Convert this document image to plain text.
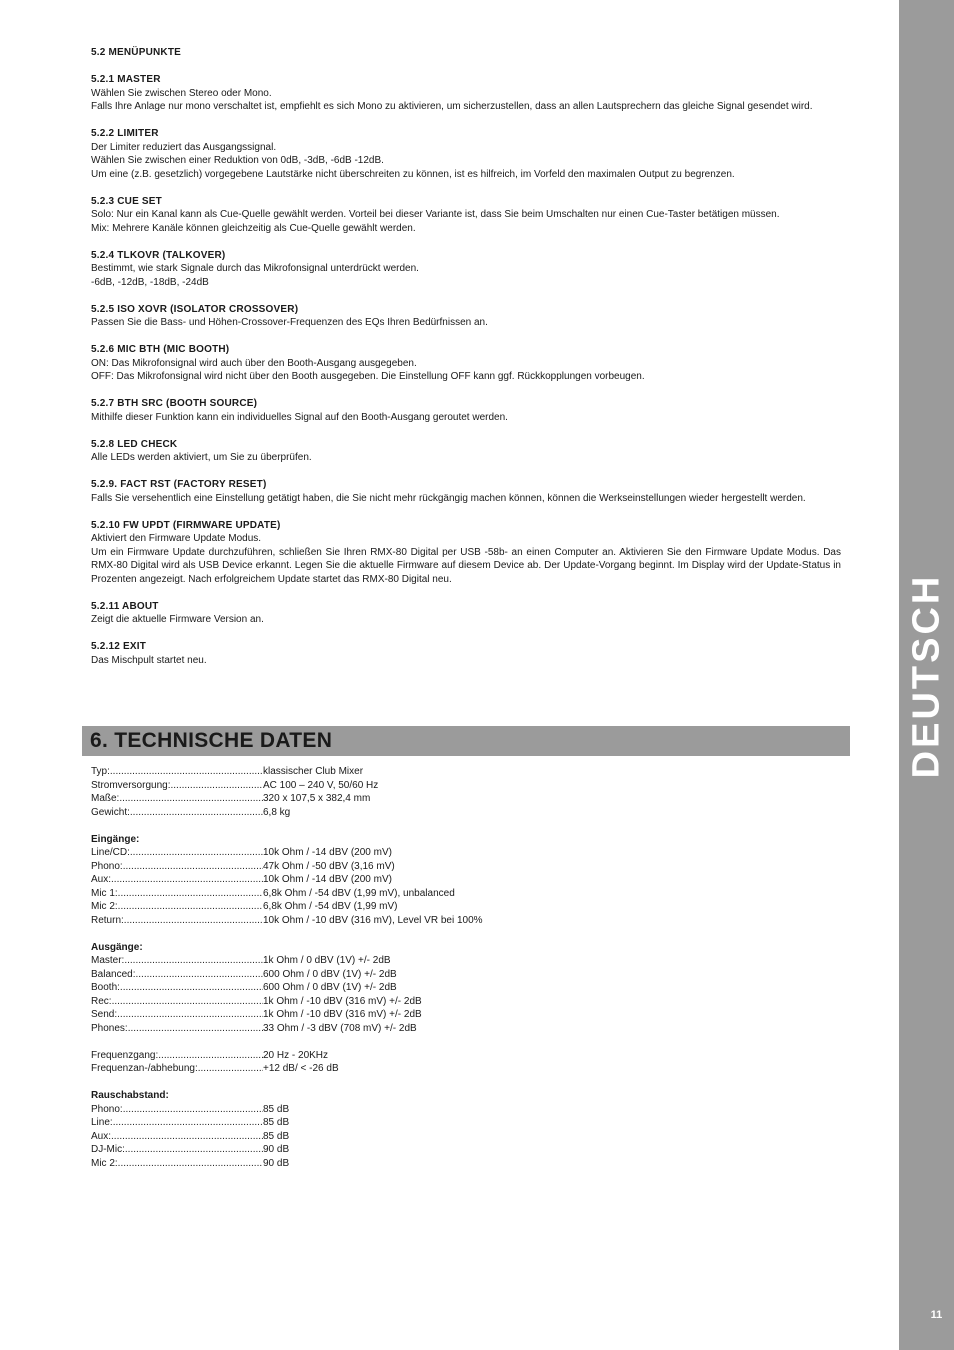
5.2 MENÜPUNKTE
5.2.1 MASTER

Wählen Sie zwischen Stereo oder Mono.

Falls Ihre Anlage nur mono verschaltet ist, empfiehlt es sich Mono zu aktivieren, um sicherzustellen, dass an allen Lautsprechern das gleiche Signal gesendet wird.

5.2.2 LIMITER

Der Limiter reduziert das Ausgangssignal.

Wählen Sie zwischen einer Reduktion von 0dB, -3dB, -6dB -12dB.

Um eine (z.B. gesetzlich) vorgegebene Lautstärke nicht überschreiten zu können, ist es hilfreich, im Vorfeld den maximalen Output zu begrenzen.

5.2.3 CUE SET

Solo: Nur ein Kanal kann als Cue-Quelle gewählt werden. Vorteil bei dieser Variante ist, dass Sie beim Umschalten nur einen Cue-Taster betätigen müssen.

Mix: Mehrere Kanäle können gleichzeitig als Cue-Quelle gewählt werden.

5.2.4 TLKOVR (TALKOVER)

Bestimmt, wie stark Signale durch das Mikrofonsignal unterdrückt werden.

-6dB, -12dB, -18dB, -24dB

5.2.5 ISO XOVR (ISOLATOR CROSSOVER)

Passen Sie die Bass- und Höhen-Crossover-Frequenzen des EQs Ihren Bedürfnissen an.

5.2.6 MIC BTH (MIC BOOTH)

ON: Das Mikrofonsignal wird auch über den Booth-Ausgang ausgegeben.

OFF: Das Mikrofonsignal wird nicht über den Booth ausgegeben. Die Einstellung OFF kann ggf. Rückkopplungen vorbeugen.

5.2.7 BTH SRC (BOOTH SOURCE)

Mithilfe dieser Funktion kann ein individuelles Signal auf den Booth-Ausgang geroutet werden.

5.2.8 LED CHECK

Alle LEDs werden aktiviert, um Sie zu überprüfen.

5.2.9. FACT RST (FACTORY RESET)

Falls Sie versehentlich eine Einstellung getätigt haben, die Sie nicht mehr rückgängig machen können, können die Werkseinstellungen wieder hergestellt werden.

5.2.10 FW UPDT (FIRMWARE UPDATE)

Aktiviert den Firmware Update Modus.

Um ein Firmware Update durchzuführen, schließen Sie Ihren RMX-80 Digital per USB -58b- an einen Computer an. Aktivieren Sie den Firmware Update Modus. Das RMX-80 Digital wird als USB Device erkannt. Legen Sie die aktuelle Firmware auf diesem Device ab. Der Update-Vorgang beginnt. Im Display wird der Update-Status in Prozenten angezeigt. Nach erfolgreichem Update startet das RMX-80 Digital neu.

5.2.11 ABOUT

Zeigt die aktuelle Firmware Version an.

5.2.12 EXIT

Das Mischpult startet neu.

6. TECHNISCHE DATEN
Typ: .....	klassischer Club Mixer
Stromversorgung: .....	AC 100 – 240 V, 50/60 Hz
Maße: .....	320 x 107,5 x 382,4 mm
Gewicht: .....	6,8 kg
Eingänge:
Line/CD: .....	10k Ohm / -14 dBV (200 mV)
Phono: .....	47k Ohm / -50 dBV (3,16 mV)
Aux: .....	10k Ohm / -14 dBV (200 mV)
Mic 1: .....	6,8k Ohm / -54 dBV (1,99 mV), unbalanced
Mic 2: .....	6,8k Ohm / -54 dBV (1,99 mV)
Return: .....	10k Ohm / -10 dBV (316 mV), Level VR bei 100%
Ausgänge:
Master: .....	1k Ohm / 0 dBV (1V) +/- 2dB
Balanced: .....	600 Ohm / 0 dBV (1V) +/- 2dB
Booth: .....	600 Ohm / 0 dBV (1V) +/- 2dB
Rec: .....	1k Ohm / -10 dBV (316 mV) +/- 2dB
Send: .....	1k Ohm / -10 dBV (316 mV) +/- 2dB
Phones: .....	33 Ohm / -3 dBV (708 mV) +/- 2dB
Frequenzgang: .....	20 Hz - 20KHz
Frequenzan-/abhebung: .....	+12 dB/ < -26 dB
Rauschabstand:
Phono: .....	85 dB
Line: .....	85 dB
Aux: .....	85 dB
DJ-Mic: .....	90 dB
Mic 2: .....	90 dB
DEUTSCH
11
